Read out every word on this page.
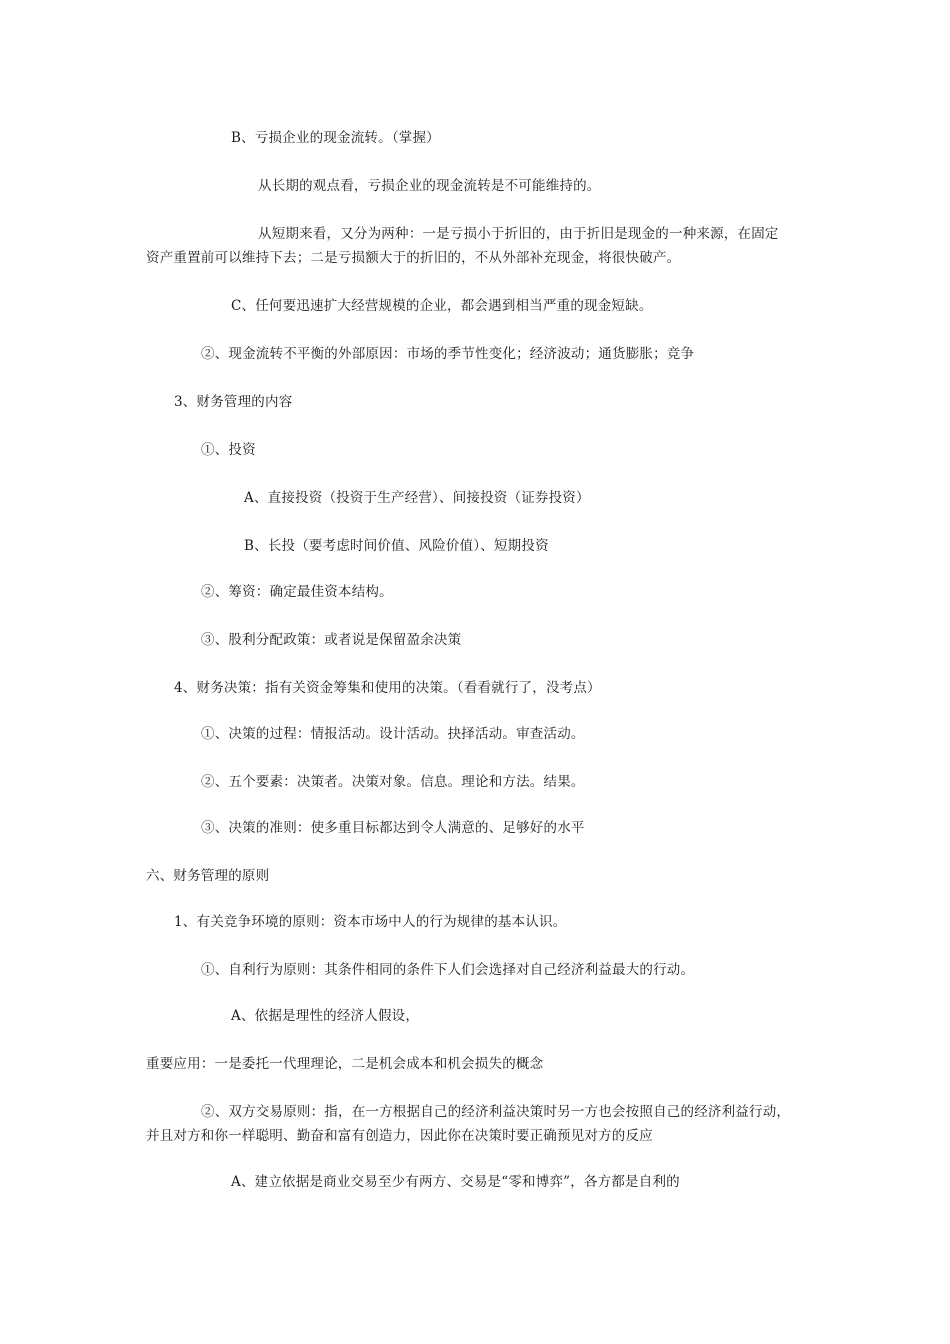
B、亏损企业的现金流转。（掌握）
从长期的观点看，亏损企业的现金流转是不可能维持的。
从短期来看，又分为两种：一是亏损小于折旧的，由于折旧是现金的一种来源，在固定
资产重置前可以维持下去；二是亏损额大于的折旧的，不从外部补充现金，将很快破产。
C、任何要迅速扩大经营规模的企业，都会遇到相当严重的现金短缺。
②、现金流转不平衡的外部原因：市场的季节性变化；经济波动；通货膨胀；竞争
3、财务管理的内容
①、投资
A、直接投资（投资于生产经营）、间接投资（证券投资）
B、长投（要考虑时间价值、风险价值）、短期投资
②、筹资：确定最佳资本结构。
③、股利分配政策：或者说是保留盈余决策
4、财务决策：指有关资金筹集和使用的决策。（看看就行了，没考点）
①、决策的过程：情报活动。设计活动。抉择活动。审查活动。
②、五个要素：决策者。决策对象。信息。理论和方法。结果。
③、决策的准则：使多重目标都达到令人满意的、足够好的水平
六、财务管理的原则
1、有关竞争环境的原则：资本市场中人的行为规律的基本认识。
①、自利行为原则：其条件相同的条件下人们会选择对自己经济利益最大的行动。
A、依据是理性的经济人假设，
重要应用：一是委托一代理理论，二是机会成本和机会损失的概念
②、双方交易原则：指，在一方根据自己的经济利益决策时另一方也会按照自己的经济利益行动，
并且对方和你一样聪明、勤奋和富有创造力，因此你在决策时要正确预见对方的反应
A、建立依据是商业交易至少有两方、交易是“零和博弈”，各方都是自利的
